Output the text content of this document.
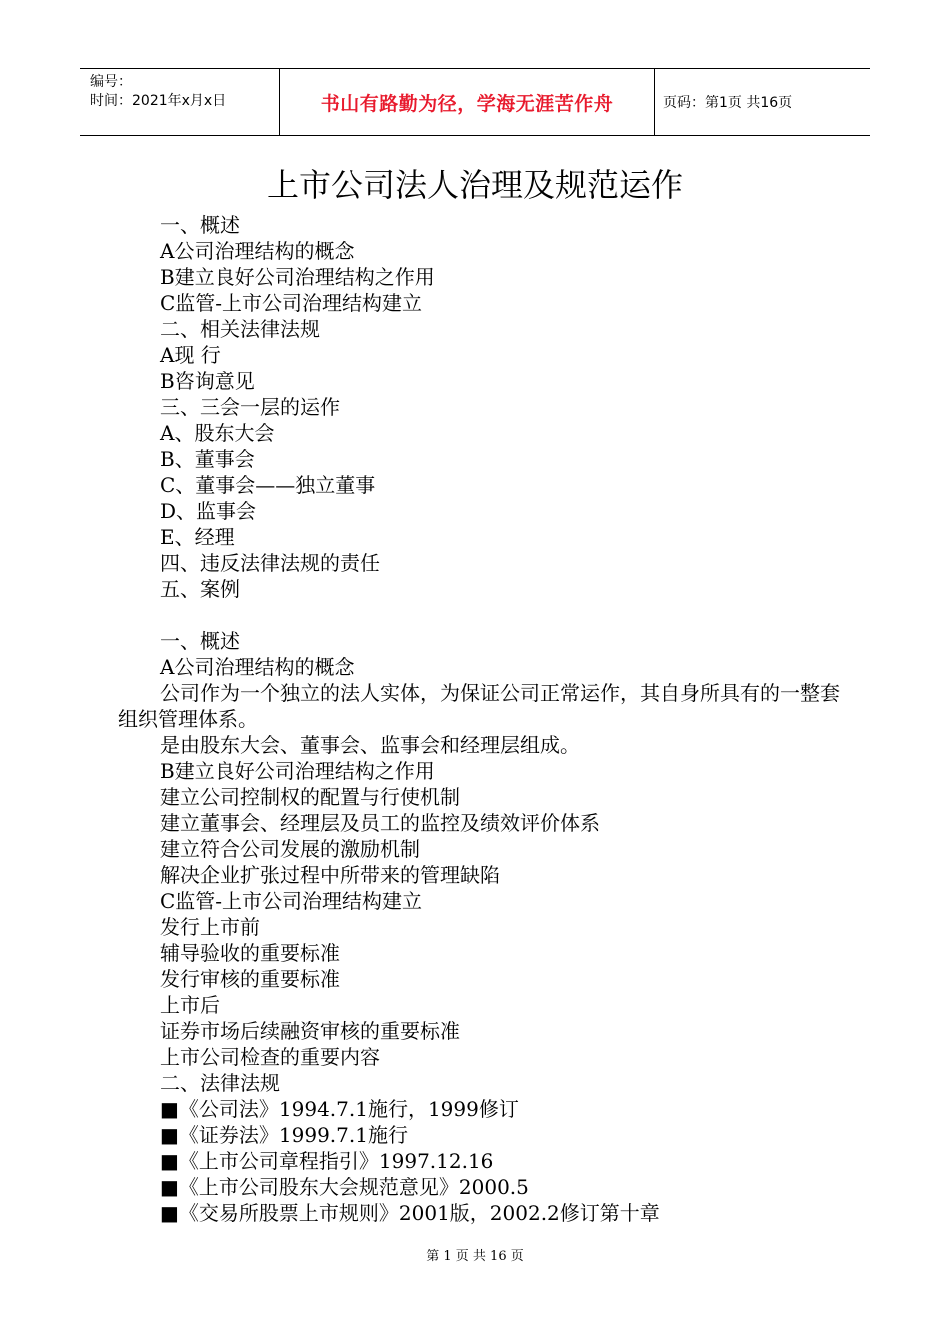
编号：
时间：2021年x月x日	书山有路勤为径，学海无涯苦作舟	页码：第1页 共16页
上市公司法人治理及规范运作
一、概述
A公司治理结构的概念
B建立良好公司治理结构之作用
C监管-上市公司治理结构建立
二、相关法律法规
A现 行
B咨询意见
三、三会一层的运作
A、股东大会
B、董事会
C、董事会——独立董事
D、监事会
E、经理
四、违反法律法规的责任
五、案例
一、概述
A公司治理结构的概念
公司作为一个独立的法人实体，为保证公司正常运作，其自身所具有的一整套组织管理体系。
是由股东大会、董事会、监事会和经理层组成。
B建立良好公司治理结构之作用
建立公司控制权的配置与行使机制
建立董事会、经理层及员工的监控及绩效评价体系
建立符合公司发展的激励机制
解决企业扩张过程中所带来的管理缺陷
C监管-上市公司治理结构建立
发行上市前
辅导验收的重要标准
发行审核的重要标准
上市后
证券市场后续融资审核的重要标准
上市公司检查的重要内容
二、法律法规
■《公司法》1994.7.1施行，1999修订
■《证券法》1999.7.1施行
■《上市公司章程指引》1997.12.16
■《上市公司股东大会规范意见》2000.5
■《交易所股票上市规则》2001版，2002.2修订第十章
第 1 页 共 16 页
